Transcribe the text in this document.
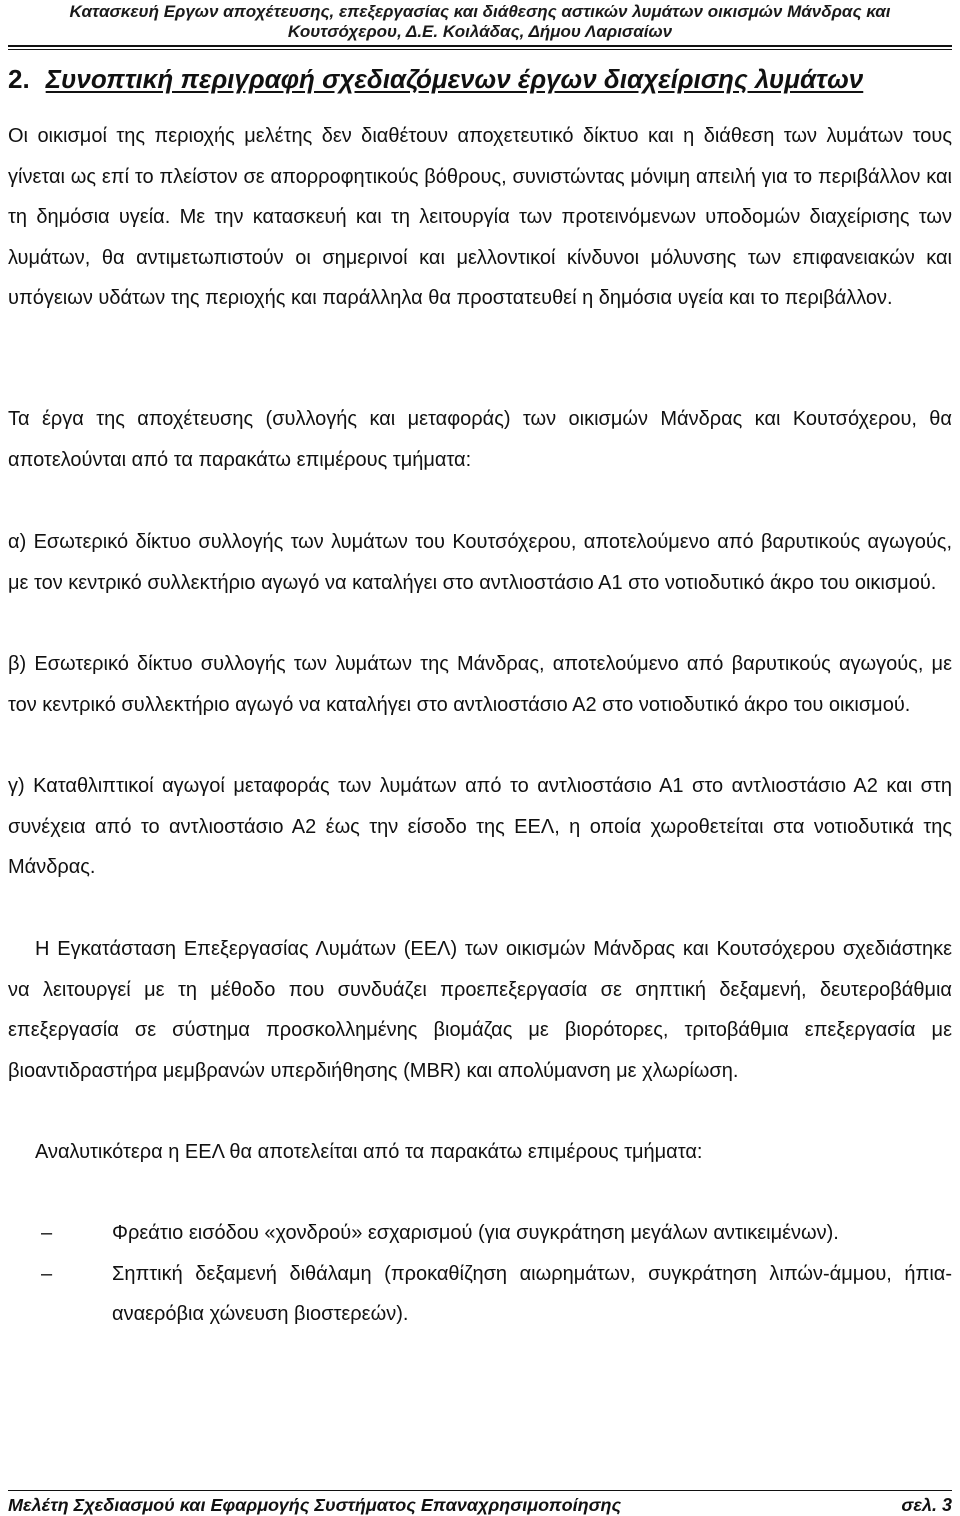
Κατασκευή Εργων αποχέτευσης, επεξεργασίας και διάθεσης αστικών λυμάτων οικισμών Μάνδρας και
Κουτσόχερου, Δ.Ε. Κοιλάδας, Δήμου Λαρισαίων
2. Συνοπτική περιγραφή σχεδιαζόμενων έργων διαχείρισης λυμάτων
Οι οικισμοί της περιοχής μελέτης δεν διαθέτουν αποχετευτικό δίκτυο και η διάθεση των λυμάτων τους γίνεται ως επί το πλείστον σε απορροφητικούς βόθρους, συνιστώντας μόνιμη απειλή για το περιβάλλον και τη δημόσια υγεία. Με την κατασκευή και τη λειτουργία των προτεινόμενων υποδομών διαχείρισης των λυμάτων, θα αντιμετωπιστούν οι σημερινοί και μελλοντικοί κίνδυνοι μόλυνσης των επιφανειακών και υπόγειων υδάτων της περιοχής και παράλληλα θα προστατευθεί η δημόσια υγεία και το περιβάλλον.
Τα έργα της αποχέτευσης (συλλογής και μεταφοράς) των οικισμών Μάνδρας και Κουτσόχερου, θα αποτελούνται από τα παρακάτω επιμέρους τμήματα:
α) Εσωτερικό δίκτυο συλλογής των λυμάτων του Κουτσόχερου, αποτελούμενο από βαρυτικούς αγωγούς, με τον κεντρικό συλλεκτήριο αγωγό να καταλήγει στο αντλιοστάσιο Α1 στο νοτιοδυτικό άκρο του οικισμού.
β) Εσωτερικό δίκτυο συλλογής των λυμάτων της Μάνδρας, αποτελούμενο από βαρυτικούς αγωγούς, με τον κεντρικό συλλεκτήριο αγωγό να καταλήγει στο αντλιοστάσιο Α2 στο νοτιοδυτικό άκρο του οικισμού.
γ) Καταθλιπτικοί αγωγοί μεταφοράς των λυμάτων από το αντλιοστάσιο Α1 στο αντλιοστάσιο Α2 και στη συνέχεια από το αντλιοστάσιο Α2 έως την είσοδο της ΕΕΛ, η οποία χωροθετείται στα νοτιοδυτικά της Μάνδρας.
Η Εγκατάσταση Επεξεργασίας Λυμάτων (ΕΕΛ) των οικισμών Μάνδρας και Κουτσόχερου σχεδιάστηκε να λειτουργεί με τη μέθοδο που συνδυάζει προεπεξεργασία σε σηπτική δεξαμενή, δευτεροβάθμια επεξεργασία σε σύστημα προσκολλημένης βιομάζας με βιορότορες, τριτοβάθμια επεξεργασία με βιοαντιδραστήρα μεμβρανών υπερδιήθησης (MBR) και απολύμανση με χλωρίωση.
Αναλυτικότερα η ΕΕΛ θα αποτελείται από τα παρακάτω επιμέρους τμήματα:
–	Φρεάτιο εισόδου «χονδρού» εσχαρισμού (για συγκράτηση μεγάλων αντικειμένων).
–	Σηπτική δεξαμενή διθάλαμη (προκαθίζηση αιωρημάτων, συγκράτηση λιπών-άμμου, ήπια-αναερόβια χώνευση βιοστερεών).
Μελέτη Σχεδιασμού και Εφαρμογής Συστήματος Επαναχρησιμοποίησης	σελ. 3
